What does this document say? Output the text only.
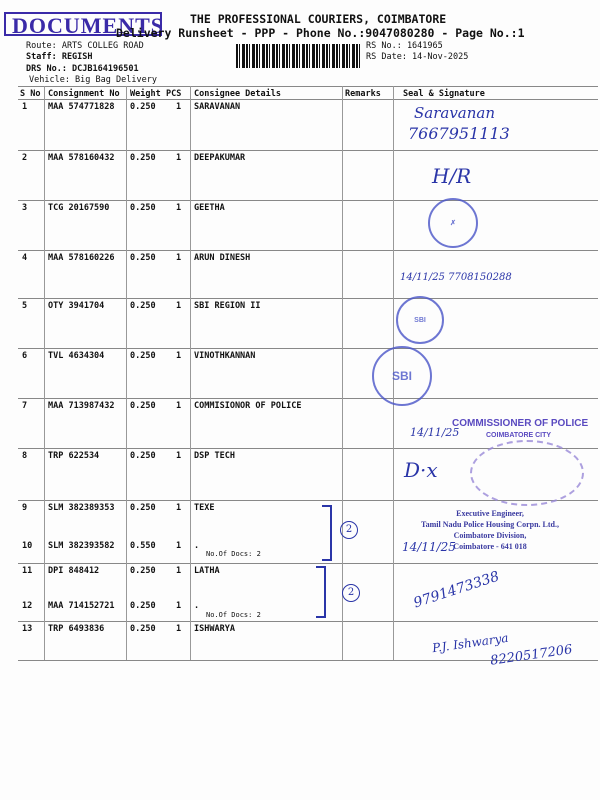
DOCUMENTS THE PROFESSIONAL COURIERS, COIMBATORE
Delivery Runsheet - PPP - Phone No.:9047080280 - Page No.:1
Route: ARTS COLLEG ROAD
Staff: REGISH
DRS No.: DCJB164196501
Vehicle: Big Bag Delivery
RS No.: 1641965
RS Date: 14-Nov-2025
S No Consignment No Weight PCS Consignee Details	Remarks	Seal & Signature
1 MAA 574771828 0.250 1 SARAVANAN
2 MAA 578160432 0.250 1 DEEPAKUMAR
3 TCG 20167590 0.250 1 GEETHA
4 MAA 578160226 0.250 1 ARUN DINESH
5 OTY 3941704	0.250 1 SBI REGION II
6 TVL 4634304	0.250 1 VINOTHKANNAN
7 MAA 713987432 0.250 1 COMMISIONOR OF POLICE
8 TRP 622534	0.250 1 DSP TECH
9 SLM 382389353 0.250 1 TEXE
10 SLM 382393582 0.550 1 .
11 DPI 848412	0.250 1 LATHA
12 MAA 714152721 0.250 1 .
13 TRP 6493836	0.250 1 ISHWARYA
No.Of Docs: 2
No.Of Docs: 2
Saravanan
7667951113
H/R
✗
14/11/25 7708150288
SBI
SBI
14/11/25
COMMISSIONER OF POLICE
COIMBATORE CITY
D·x
Executive Engineer,
Tamil Nadu Police Housing Corpn. Ltd.,
Coimbatore Division,
Coimbatore - 641 018
14/11/25
2
2	9791473338
P.J. Ishwarya
8220517206
